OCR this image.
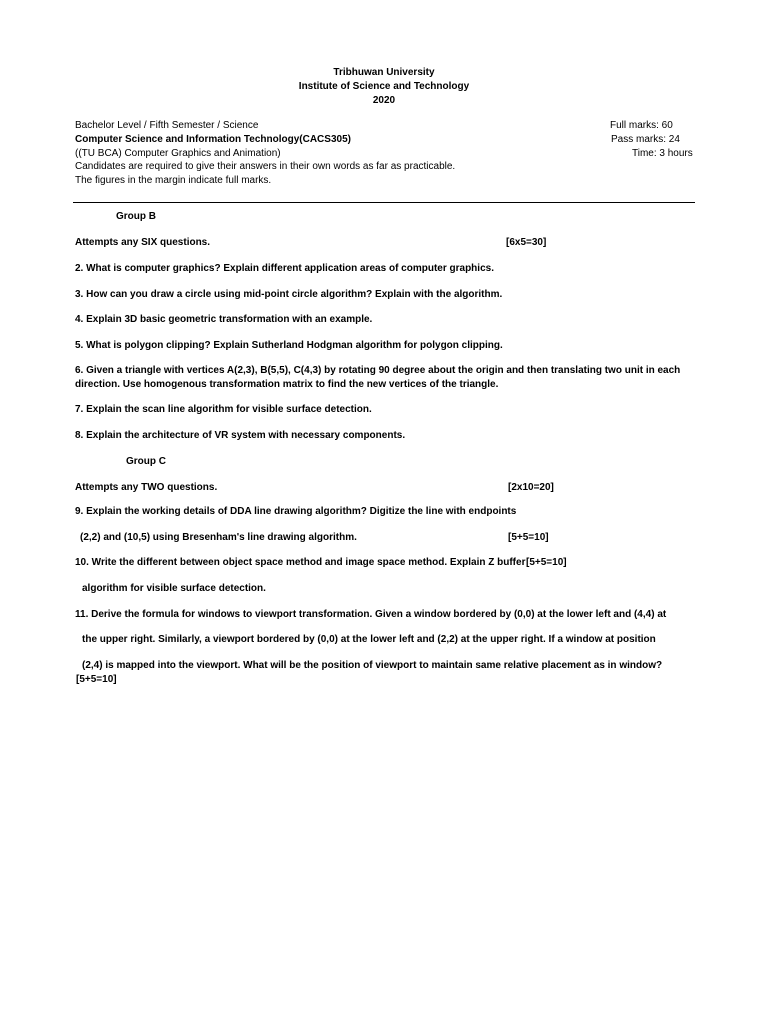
Tribhuwan University
Institute of Science and Technology
2020
Bachelor Level / Fifth Semester / Science
Computer Science and Information Technology(CACS305)
((TU BCA) Computer Graphics and Animation)
Candidates are required to give their answers in their own words as far as practicable.
The figures in the margin indicate full marks.
Full marks: 60
Pass marks: 24
Time: 3 hours
Group B
Attempts any SIX questions.	[6x5=30]
2. What is computer graphics? Explain different application areas of computer graphics.
3. How can you draw a circle using mid-point circle algorithm? Explain with the algorithm.
4. Explain 3D basic geometric transformation with an example.
5. What is polygon clipping? Explain Sutherland Hodgman algorithm for polygon clipping.
6. Given a triangle with vertices A(2,3), B(5,5), C(4,3) by rotating 90 degree about the origin and then translating two unit in each
direction. Use homogenous transformation matrix to find the new vertices of the triangle.
7. Explain the scan line algorithm for visible surface detection.
8. Explain the architecture of VR system with necessary components.
Group C
Attempts any TWO questions.	[2x10=20]
9. Explain the working details of DDA line drawing algorithm? Digitize the line with endpoints
(2,2) and (10,5) using Bresenham's line drawing algorithm.	[5+5=10]
10. Write the different between object space method and image space method. Explain Z buffer [5+5=10]
algorithm for visible surface detection.
11. Derive the formula for windows to viewport transformation. Given a window bordered by (0,0) at the lower left and (4,4) at
the upper right. Similarly, a viewport bordered by (0,0) at the lower left and (2,2) at the upper right. If a window at position
(2,4) is mapped into the viewport. What will be the position of viewport to maintain same relative placement as in window?
[5+5=10]
